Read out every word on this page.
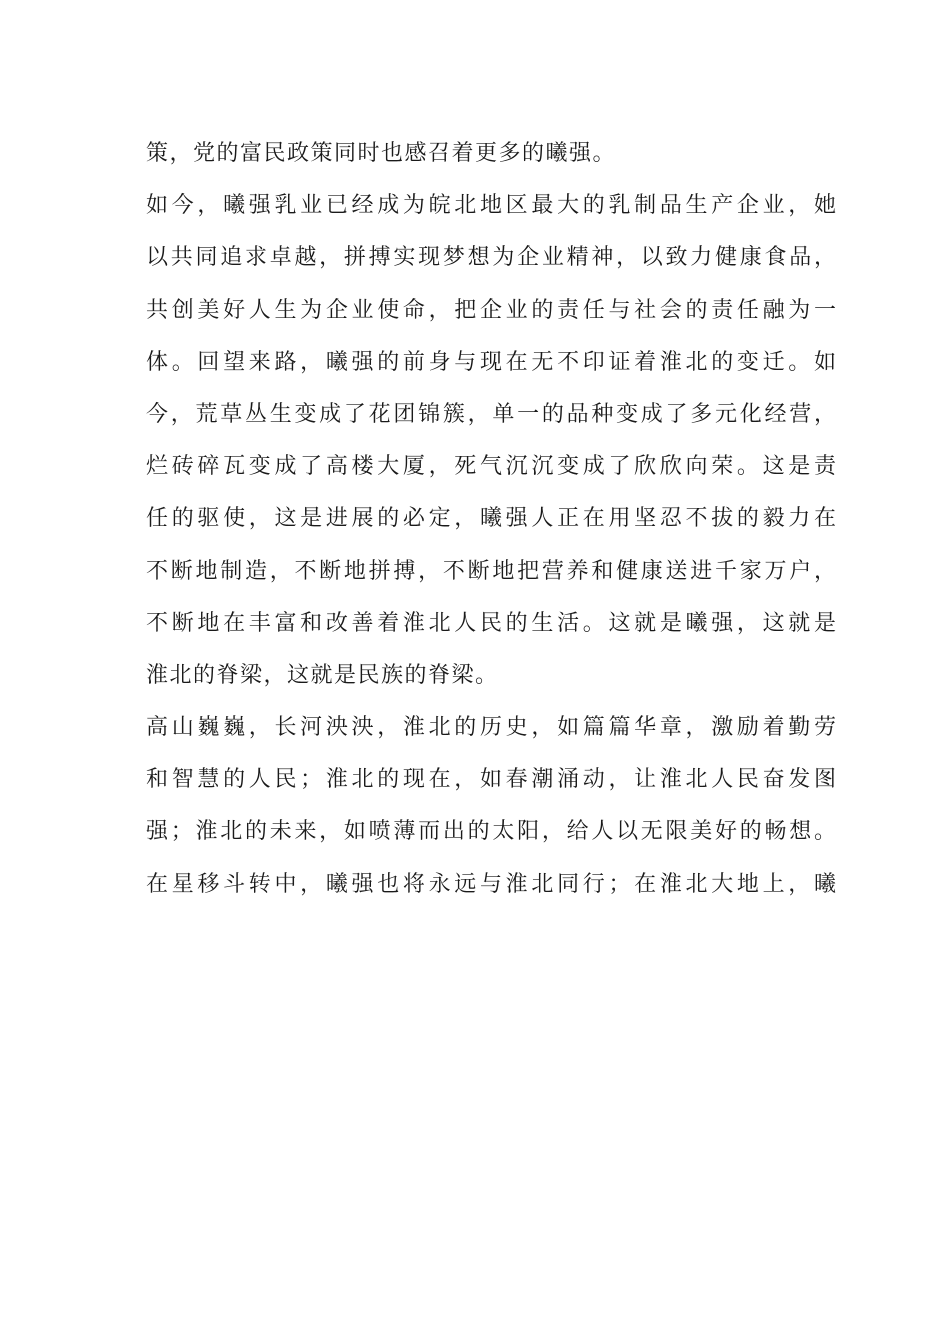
策，党的富民政策同时也感召着更多的曦强。
如今，曦强乳业已经成为皖北地区最大的乳制品生产企业，她
以共同追求卓越，拼搏实现梦想为企业精神，以致力健康食品，
共创美好人生为企业使命，把企业的责任与社会的责任融为一
体。回望来路，曦强的前身与现在无不印证着淮北的变迁。如
今，荒草丛生变成了花团锦簇，单一的品种变成了多元化经营，
烂砖碎瓦变成了高楼大厦，死气沉沉变成了欣欣向荣。这是责
任的驱使，这是进展的必定，曦强人正在用坚忍不拔的毅力在
不断地制造，不断地拼搏，不断地把营养和健康送进千家万户，
不断地在丰富和改善着淮北人民的生活。这就是曦强，这就是
淮北的脊梁，这就是民族的脊梁。
高山巍巍，长河泱泱，淮北的历史，如篇篇华章，激励着勤劳
和智慧的人民；淮北的现在，如春潮涌动，让淮北人民奋发图
强；淮北的未来，如喷薄而出的太阳，给人以无限美好的畅想。
在星移斗转中，曦强也将永远与淮北同行；在淮北大地上，曦
